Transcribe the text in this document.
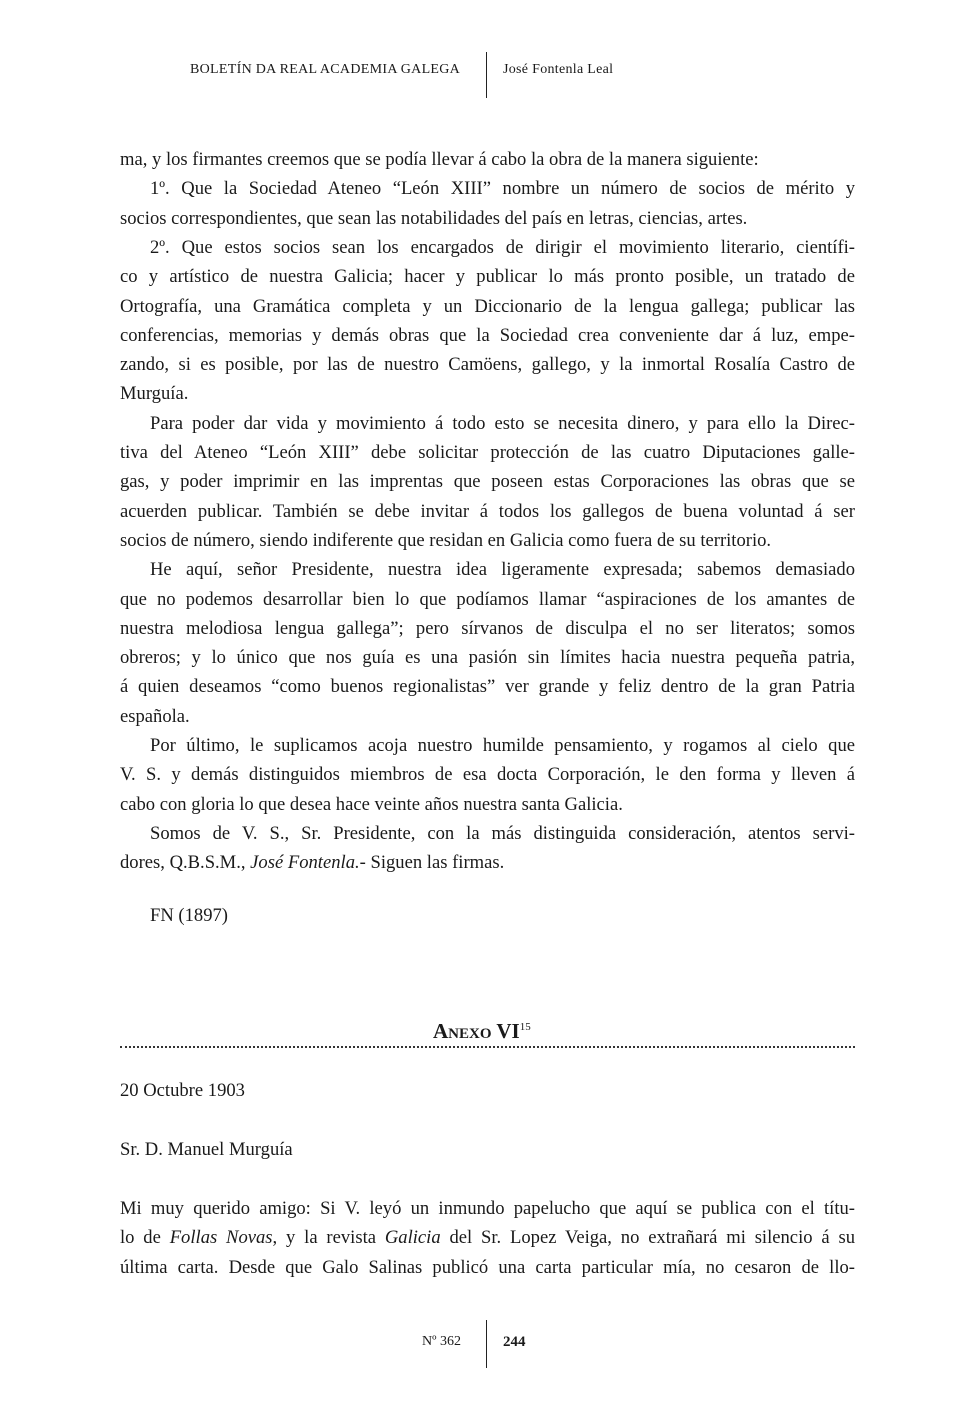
BOLETÍN DA REAL ACADEMIA GALEGA	José Fontenla Leal
ma, y los firmantes creemos que se podía llevar á cabo la obra de la manera siguiente:
1º. Que la Sociedad Ateneo “León XIII” nombre un número de socios de mérito y
socios correspondientes, que sean las notabilidades del país en letras, ciencias, artes.
2º. Que estos socios sean los encargados de dirigir el movimiento literario, científi-
co y artístico de nuestra Galicia; hacer y publicar lo más pronto posible, un tratado de
Ortografía, una Gramática completa y un Diccionario de la lengua gallega; publicar las
conferencias, memorias y demás obras que la Sociedad crea conveniente dar á luz, empe-
zando, si es posible, por las de nuestro Camöens, gallego, y la inmortal Rosalía Castro de
Murguía.
Para poder dar vida y movimiento á todo esto se necesita dinero, y para ello la Direc-
tiva del Ateneo “León XIII” debe solicitar protección de las cuatro Diputaciones galle-
gas, y poder imprimir en las imprentas que poseen estas Corporaciones las obras que se
acuerden publicar. También se debe invitar á todos los gallegos de buena voluntad á ser
socios de número, siendo indiferente que residan en Galicia como fuera de su territorio.
He aquí, señor Presidente, nuestra idea ligeramente expresada; sabemos demasiado
que no podemos desarrollar bien lo que podíamos llamar “aspiraciones de los amantes de
nuestra melodiosa lengua gallega”; pero sírvanos de disculpa el no ser literatos; somos
obreros; y lo único que nos guía es una pasión sin límites hacia nuestra pequeña patria,
á quien deseamos “como buenos regionalistas” ver grande y feliz dentro de la gran Patria
española.
Por último, le suplicamos acoja nuestro humilde pensamiento, y rogamos al cielo que
V. S. y demás distinguidos miembros de esa docta Corporación, le den forma y lleven á
cabo con gloria lo que desea hace veinte años nuestra santa Galicia.
Somos de V. S., Sr. Presidente, con la más distinguida consideración, atentos servi-
dores, Q.B.S.M., José Fontenla.- Siguen las firmas.
FN (1897)
Anexo VI$^{15}$
20 Octubre 1903
Sr. D. Manuel Murguía
Mi muy querido amigo: Si V. leyó un inmundo papelucho que aquí se publica con el títu-
lo de Follas Novas, y la revista Galicia del Sr. Lopez Veiga, no extrañará mi silencio á su
última carta. Desde que Galo Salinas publicó una carta particular mía, no cesaron de llo-
Nº 362	244
